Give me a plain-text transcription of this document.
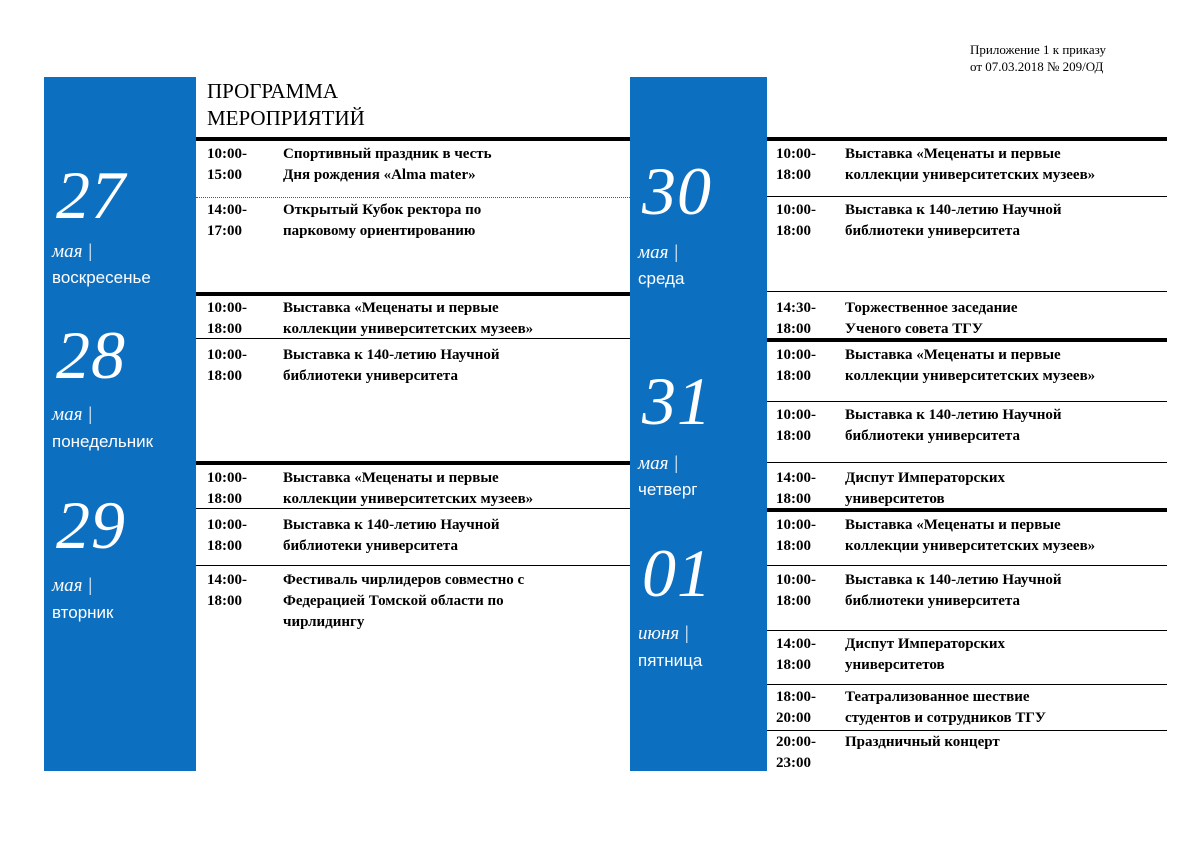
Приложение 1 к приказу
от 07.03.2018 № 209/ОД
ПРОГРАММА
МЕРОПРИЯТИЙ
27
мая |
воскресенье
28
мая |
понедельник
29
мая |
вторник
30
мая |
среда
31
мая |
четверг
01
июня |
пятница
10:00-
15:00
Спортивный праздник в честь
Дня рождения «Alma mater»
14:00-
17:00
Открытый Кубок ректора по
парковому ориентированию
10:00-
18:00
Выставка «Меценаты и первые
коллекции университетских музеев»
10:00-
18:00
Выставка к 140-летию Научной
библиотеки университета
10:00-
18:00
Выставка «Меценаты и первые
коллекции университетских музеев»
10:00-
18:00
Выставка к 140-летию Научной
библиотеки университета
14:00-
18:00
Фестиваль чирлидеров совместно с
Федерацией Томской области по
чирлидингу
10:00-
18:00
Выставка «Меценаты и первые
коллекции университетских музеев»
10:00-
18:00
Выставка к 140-летию Научной
библиотеки университета
14:30-
18:00
Торжественное заседание
Ученого совета ТГУ
10:00-
18:00
Выставка «Меценаты и первые
коллекции университетских музеев»
10:00-
18:00
Выставка к 140-летию Научной
библиотеки университета
14:00-
18:00
Диспут Императорских
университетов
10:00-
18:00
Выставка «Меценаты и первые
коллекции университетских музеев»
10:00-
18:00
Выставка к 140-летию Научной
библиотеки университета
14:00-
18:00
Диспут Императорских
университетов
18:00-
20:00
Театрализованное шествие
студентов и сотрудников ТГУ
20:00-
23:00
Праздничный концерт
